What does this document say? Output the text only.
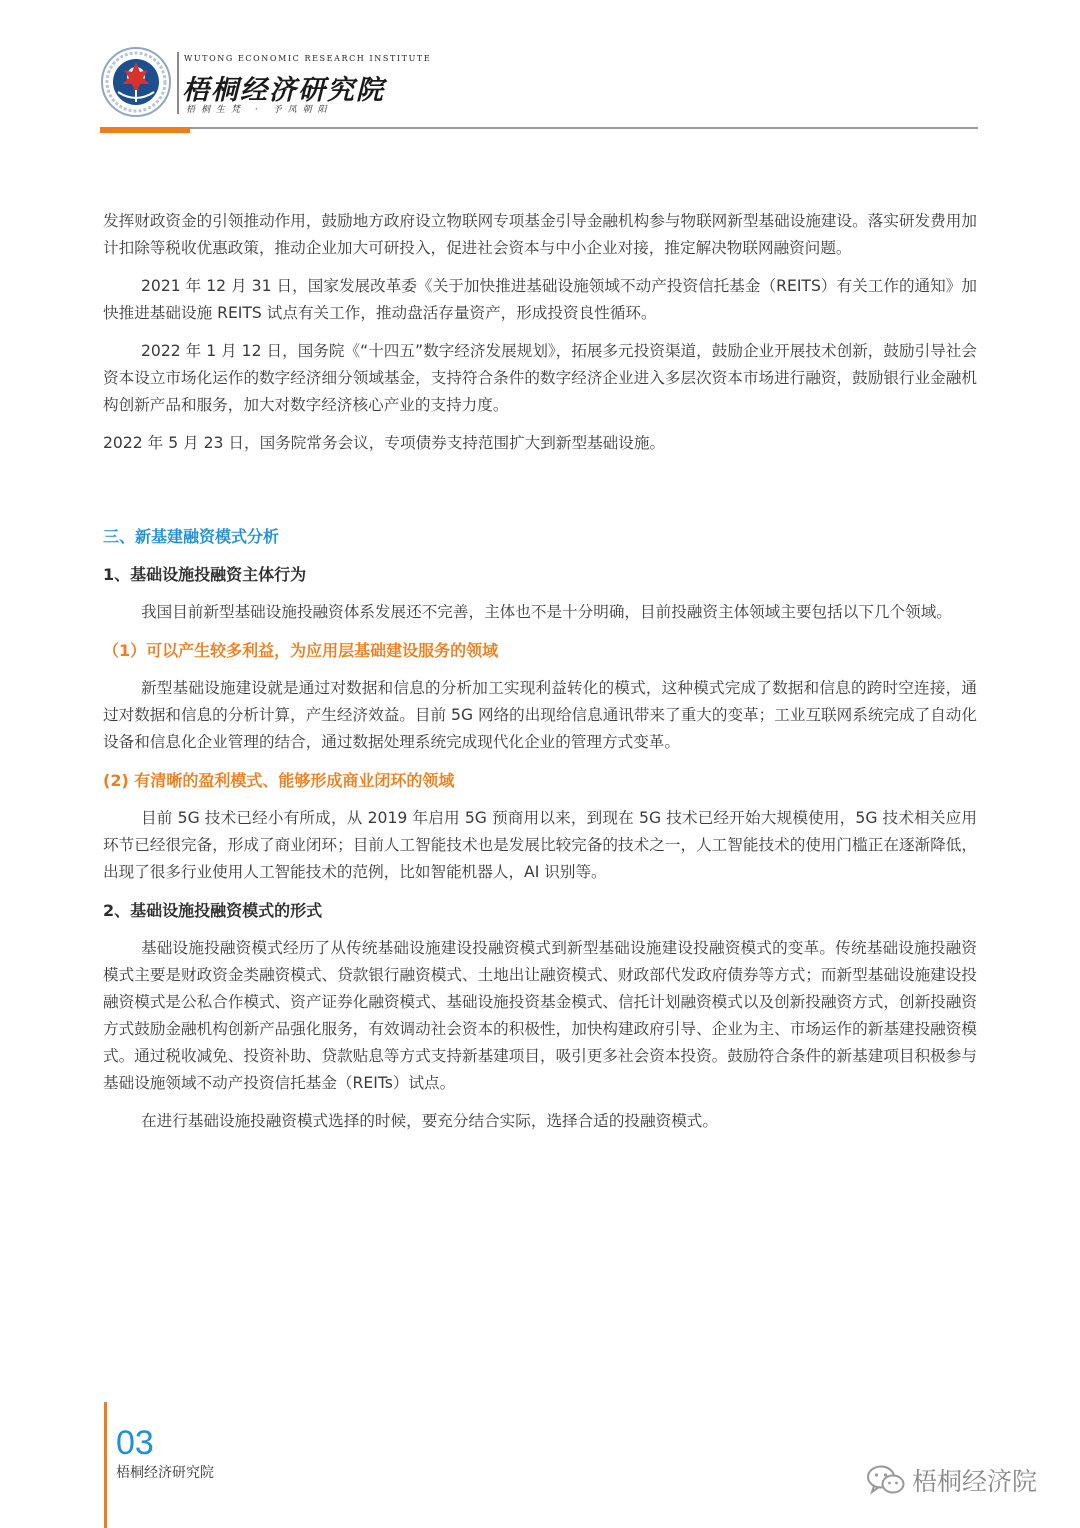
WUTONG ECONOMIC RESEARCH INSTITUTE
梧桐经济研究院
梧桐生梵 · 予凤朝阳

发挥财政资金的引领推动作用，鼓励地方政府设立物联网专项基金引导金融机构参与物联网新型基础设施建设。落实研发费用加计扣除等税收优惠政策，推动企业加大可研投入，促进社会资本与中小企业对接，推定解决物联网融资问题。

2021 年 12 月 31 日，国家发展改革委《关于加快推进基础设施领域不动产投资信托基金（REITS）有关工作的通知》加快推进基础设施 REITS 试点有关工作，推动盘活存量资产，形成投资良性循环。

2022 年 1 月 12 日，国务院《“十四五”数字经济发展规划》，拓展多元投资渠道，鼓励企业开展技术创新，鼓励引导社会资本设立市场化运作的数字经济细分领域基金，支持符合条件的数字经济企业进入多层次资本市场进行融资，鼓励银行业金融机构创新产品和服务，加大对数字经济核心产业的支持力度。

2022 年 5 月 23 日，国务院常务会议，专项债券支持范围扩大到新型基础设施。

三、新基建融资模式分析
1、基础设施投融资主体行为

我国目前新型基础设施投融资体系发展还不完善，主体也不是十分明确，目前投融资主体领域主要包括以下几个领域。

（1）可以产生较多利益，为应用层基础建设服务的领域

新型基础设施建设就是通过对数据和信息的分析加工实现利益转化的模式，这种模式完成了数据和信息的跨时空连接，通过对数据和信息的分析计算，产生经济效益。目前 5G 网络的出现给信息通讯带来了重大的变革；工业互联网系统完成了自动化设备和信息化企业管理的结合，通过数据处理系统完成现代化企业的管理方式变革。

(2) 有清晰的盈利模式、能够形成商业闭环的领域

目前 5G 技术已经小有所成，从 2019 年启用 5G 预商用以来，到现在 5G 技术已经开始大规模使用，5G 技术相关应用环节已经很完备，形成了商业闭环；目前人工智能技术也是发展比较完备的技术之一，人工智能技术的使用门槛正在逐渐降低，出现了很多行业使用人工智能技术的范例，比如智能机器人，AI 识别等。

2、基础设施投融资模式的形式

基础设施投融资模式经历了从传统基础设施建设投融资模式到新型基础设施建设投融资模式的变革。传统基础设施投融资模式主要是财政资金类融资模式、贷款银行融资模式、土地出让融资模式、财政部代发政府债券等方式；而新型基础设施建设投融资模式是公私合作模式、资产证券化融资模式、基础设施投资基金模式、信托计划融资模式以及创新投融资方式，创新投融资方式鼓励金融机构创新产品强化服务，有效调动社会资本的积极性，加快构建政府引导、企业为主、市场运作的新基建投融资模式。通过税收减免、投资补助、贷款贴息等方式支持新基建项目，吸引更多社会资本投资。鼓励符合条件的新基建项目积极参与基础设施领域不动产投资信托基金（REITs）试点。

在进行基础设施投融资模式选择的时候，要充分结合实际，选择合适的投融资模式。

03
梧桐经济研究院	梧桐经济院
